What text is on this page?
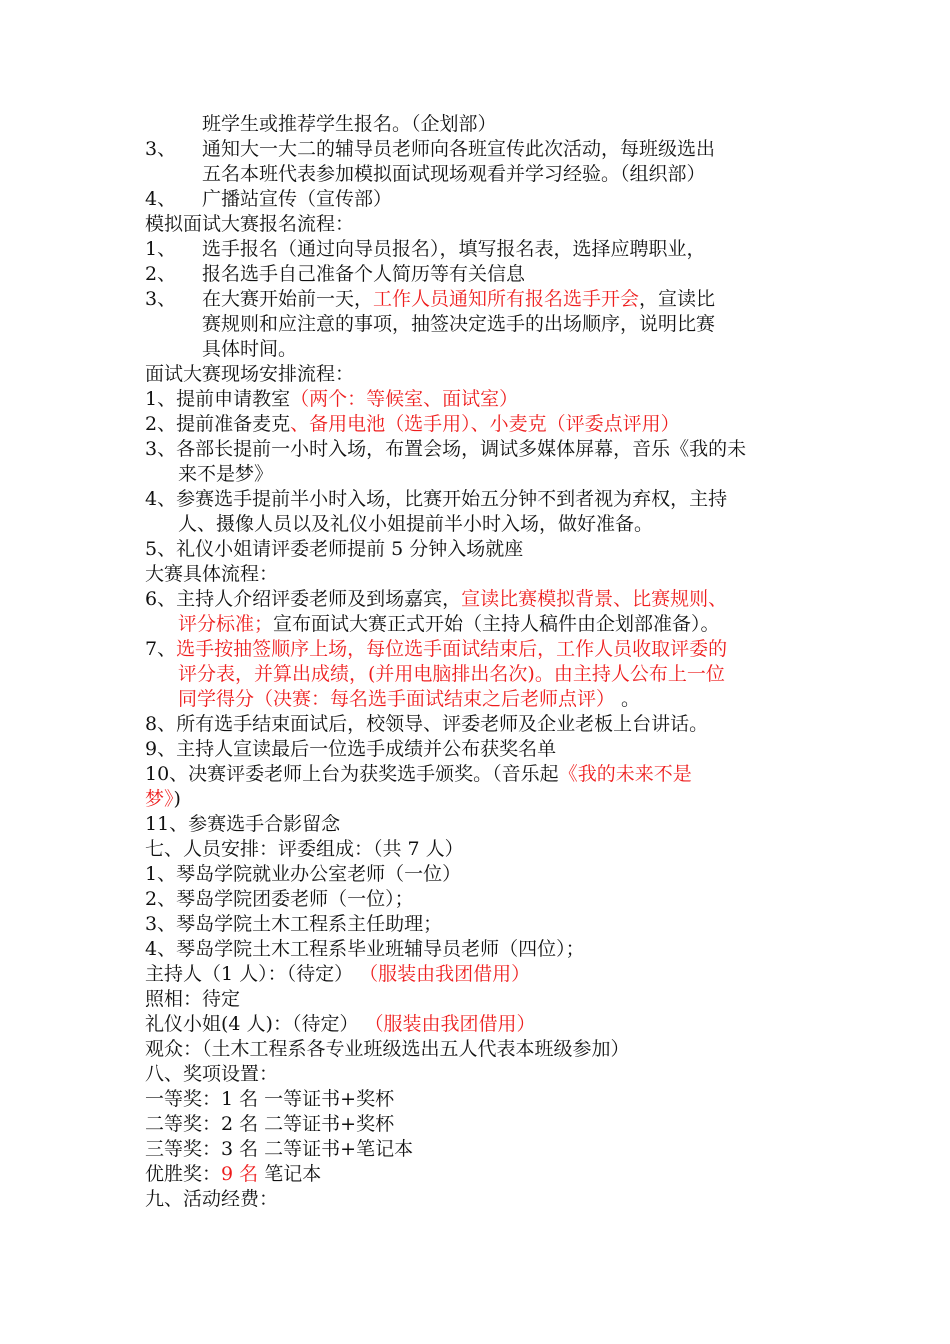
班学生或推荐学生报名。（企划部）
3、	通知大一大二的辅导员老师向各班宣传此次活动，每班级选出
五名本班代表参加模拟面试现场观看并学习经验。（组织部）
4、	广播站宣传（宣传部）
模拟面试大赛报名流程：
1、	选手报名（通过向导员报名），填写报名表，选择应聘职业，
2、	报名选手自己准备个人简历等有关信息
3、	在大赛开始前一天，工作人员通知所有报名选手开会，宣读比
赛规则和应注意的事项，抽签决定选手的出场顺序，说明比赛
具体时间。
面试大赛现场安排流程：
1、提前申请教室（两个：等候室、面试室）
2、提前准备麦克、备用电池（选手用）、小麦克（评委点评用）
3、各部长提前一小时入场，布置会场，调试多媒体屏幕，音乐《我的未
来不是梦》
4、参赛选手提前半小时入场，比赛开始五分钟不到者视为弃权，主持
人、摄像人员以及礼仪小姐提前半小时入场，做好准备。
5、礼仪小姐请评委老师提前 5 分钟入场就座
大赛具体流程：
6、主持人介绍评委老师及到场嘉宾，宣读比赛模拟背景、比赛规则、
评分标准；宣布面试大赛正式开始（主持人稿件由企划部准备）。
7、选手按抽签顺序上场，每位选手面试结束后，工作人员收取评委的
评分表，并算出成绩，(并用电脑排出名次)。由主持人公布上一位
同学得分（决赛：每名选手面试结束之后老师点评） 。
8、所有选手结束面试后，校领导、评委老师及企业老板上台讲话。
9、主持人宣读最后一位选手成绩并公布获奖名单
10、决赛评委老师上台为获奖选手颁奖。（音乐起《我的未来不是
梦》)
11、参赛选手合影留念
七、人员安排：评委组成：（共 7 人）
1、琴岛学院就业办公室老师（一位）
2、琴岛学院团委老师（一位）；
3、琴岛学院土木工程系主任助理；
4、琴岛学院土木工程系毕业班辅导员老师（四位）；
主持人（1 人）：（待定） （服装由我团借用）
照相：待定
礼仪小姐(4 人)：（待定） （服装由我团借用）
观众：（土木工程系各专业班级选出五人代表本班级参加）
八、奖项设置：
一等奖：1 名 一等证书+奖杯
二等奖：2 名 二等证书+奖杯
三等奖：3 名 二等证书+笔记本
优胜奖：9 名 笔记本
九、活动经费：
